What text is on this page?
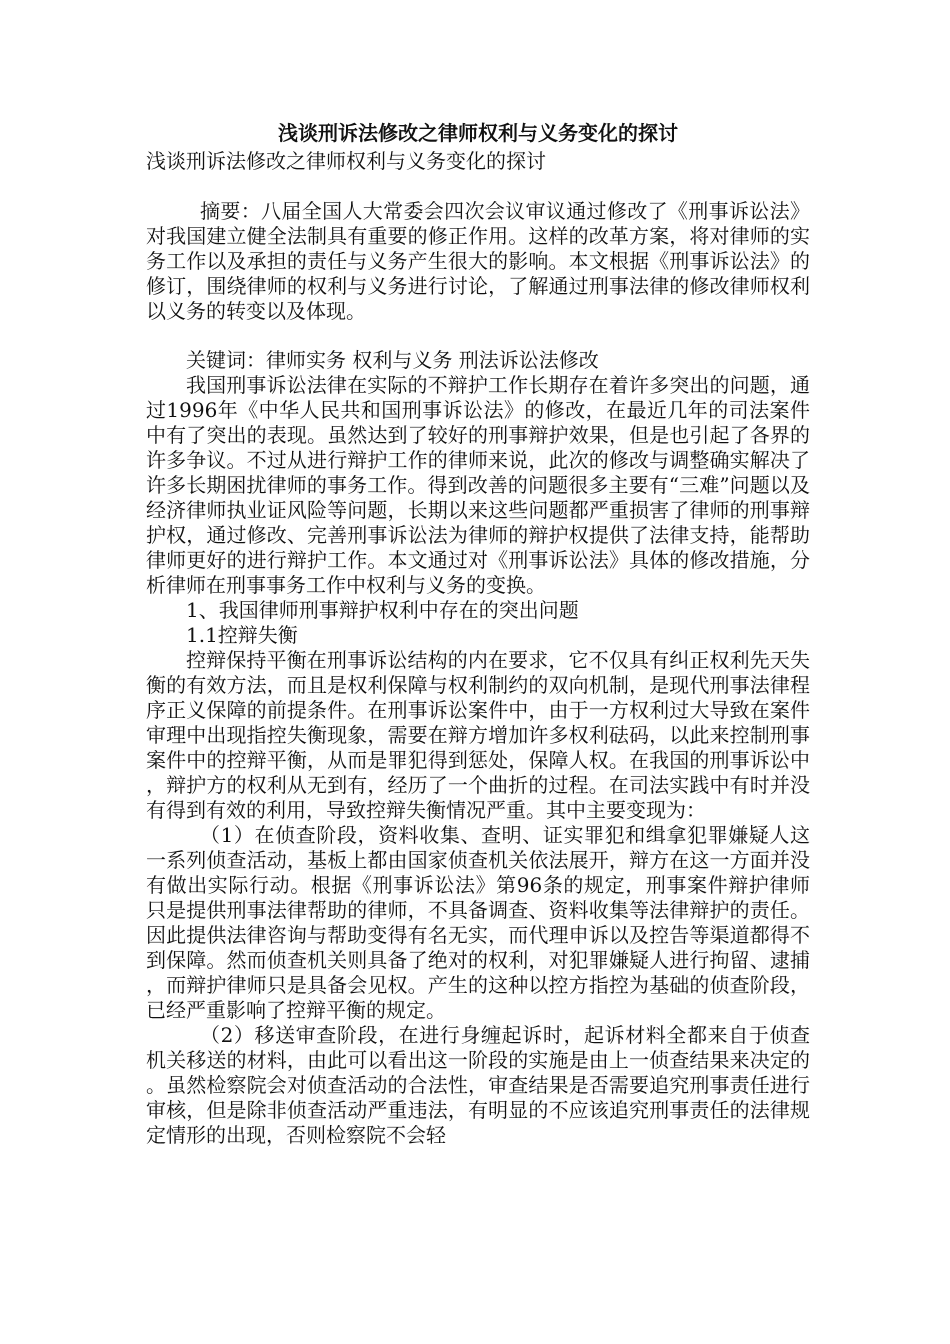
浅谈刑诉法修改之律师权利与义务变化的探讨
浅谈刑诉法修改之律师权利与义务变化的探讨

摘要：八届全国人大常委会四次会议审议通过修改了《刑事诉讼法》对我国建立健全法制具有重要的修正作用。这样的改革方案，将对律师的实务工作以及承担的责任与义务产生很大的影响。本文根据《刑事诉讼法》的修订，围绕律师的权利与义务进行讨论，了解通过刑事法律的修改律师权利以义务的转变以及体现。

关键词：律师实务 权利与义务 刑法诉讼法修改

我国刑事诉讼法律在实际的不辩护工作长期存在着许多突出的问题，通过1996年《中华人民共和国刑事诉讼法》的修改，在最近几年的司法案件中有了突出的表现。虽然达到了较好的刑事辩护效果，但是也引起了各界的许多争议。不过从进行辩护工作的律师来说，此次的修改与调整确实解决了许多长期困扰律师的事务工作。得到改善的问题很多主要有“三难”问题以及经济律师执业证风险等问题，长期以来这些问题都严重损害了律师的刑事辩护权，通过修改、完善刑事诉讼法为律师的辩护权提供了法律支持，能帮助律师更好的进行辩护工作。本文通过对《刑事诉讼法》具体的修改措施，分析律师在刑事事务工作中权利与义务的变换。

1、我国律师刑事辩护权利中存在的突出问题

1.1控辩失衡

控辩保持平衡在刑事诉讼结构的内在要求，它不仅具有纠正权利先天失衡的有效方法，而且是权利保障与权利制约的双向机制，是现代刑事法律程序正义保障的前提条件。在刑事诉讼案件中，由于一方权利过大导致在案件审理中出现指控失衡现象，需要在辩方增加许多权利砝码，以此来控制刑事案件中的控辩平衡，从而是罪犯得到惩处，保障人权。在我国的刑事诉讼中，辩护方的权利从无到有，经历了一个曲折的过程。在司法实践中有时并没有得到有效的利用，导致控辩失衡情况严重。其中主要变现为：

（1）在侦查阶段，资料收集、查明、证实罪犯和缉拿犯罪嫌疑人这一系列侦查活动，基板上都由国家侦查机关依法展开，辩方在这一方面并没有做出实际行动。根据《刑事诉讼法》第96条的规定，刑事案件辩护律师只是提供刑事法律帮助的律师，不具备调查、资料收集等法律辩护的责任。因此提供法律咨询与帮助变得有名无实，而代理申诉以及控告等渠道都得不到保障。然而侦查机关则具备了绝对的权利，对犯罪嫌疑人进行拘留、逮捕，而辩护律师只是具备会见权。产生的这种以控方指控为基础的侦查阶段，已经严重影响了控辩平衡的规定。

（2）移送审查阶段，在进行身缠起诉时，起诉材料全都来自于侦查机关移送的材料，由此可以看出这一阶段的实施是由上一侦查结果来决定的。虽然检察院会对侦查活动的合法性，审查结果是否需要追究刑事责任进行审核，但是除非侦查活动严重违法，有明显的不应该追究刑事责任的法律规定情形的出现，否则检察院不会轻
